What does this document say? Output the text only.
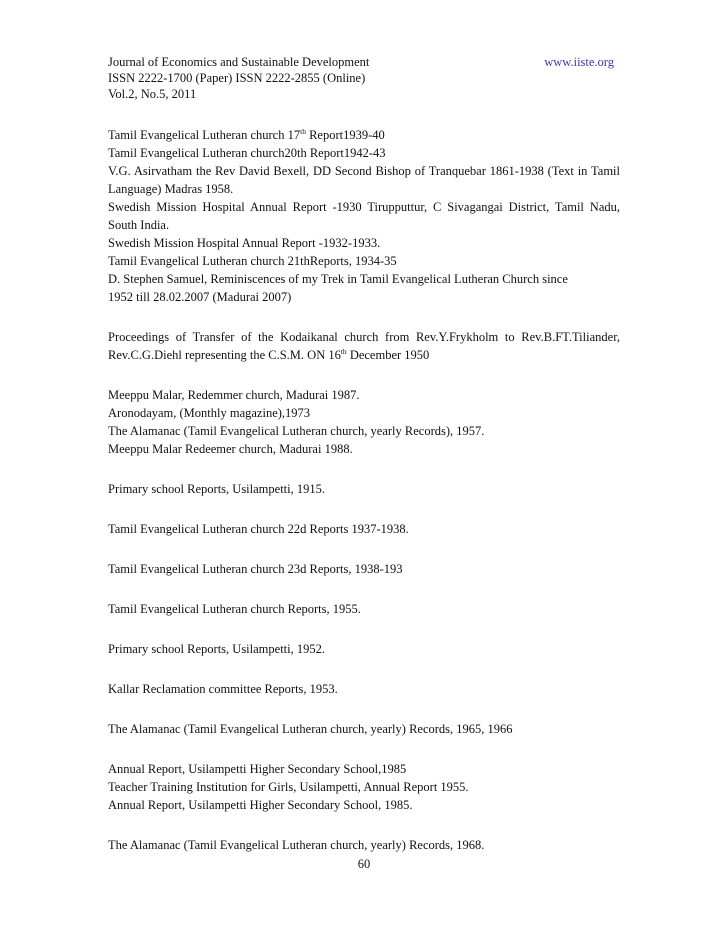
Journal of Economics and Sustainable Development
ISSN 2222-1700 (Paper) ISSN 2222-2855 (Online)
Vol.2, No.5, 2011
www.iiste.org

Tamil Evangelical Lutheran church 17th Report1939-40

Tamil Evangelical Lutheran church20th Report1942-43

V.G. Asirvatham the Rev David Bexell, DD Second Bishop of Tranquebar 1861-1938 (Text in Tamil Language) Madras 1958.

Swedish Mission Hospital Annual Report -1930 Tirupputtur, C Sivagangai District, Tamil Nadu, South India.

Swedish Mission Hospital Annual Report -1932-1933.

Tamil Evangelical Lutheran church 21thReports, 1934-35

D. Stephen Samuel, Reminiscences of my Trek in Tamil Evangelical Lutheran Church since
1952 till 28.02.2007 (Madurai 2007)

Proceedings of Transfer of the Kodaikanal church from Rev.Y.Frykholm to Rev.B.FT.Tiliander, Rev.C.G.Diehl representing the C.S.M. ON 16th December 1950

Meeppu Malar, Redemmer church, Madurai 1987.

Aronodayam, (Monthly magazine),1973

The Alamanac (Tamil Evangelical Lutheran church, yearly Records), 1957.

Meeppu Malar Redeemer church, Madurai 1988.

Primary school Reports, Usilampetti, 1915.

Tamil Evangelical Lutheran church 22d Reports 1937-1938.

Tamil Evangelical Lutheran church 23d Reports, 1938-193

Tamil Evangelical Lutheran church Reports, 1955.

Primary school Reports, Usilampetti, 1952.

Kallar Reclamation committee Reports, 1953.

The Alamanac (Tamil Evangelical Lutheran church, yearly) Records, 1965, 1966

Annual Report, Usilampetti Higher Secondary School,1985

Teacher Training Institution for Girls, Usilampetti, Annual Report 1955.

Annual Report, Usilampetti Higher Secondary School, 1985.

The Alamanac (Tamil Evangelical Lutheran church, yearly) Records, 1968.

60
